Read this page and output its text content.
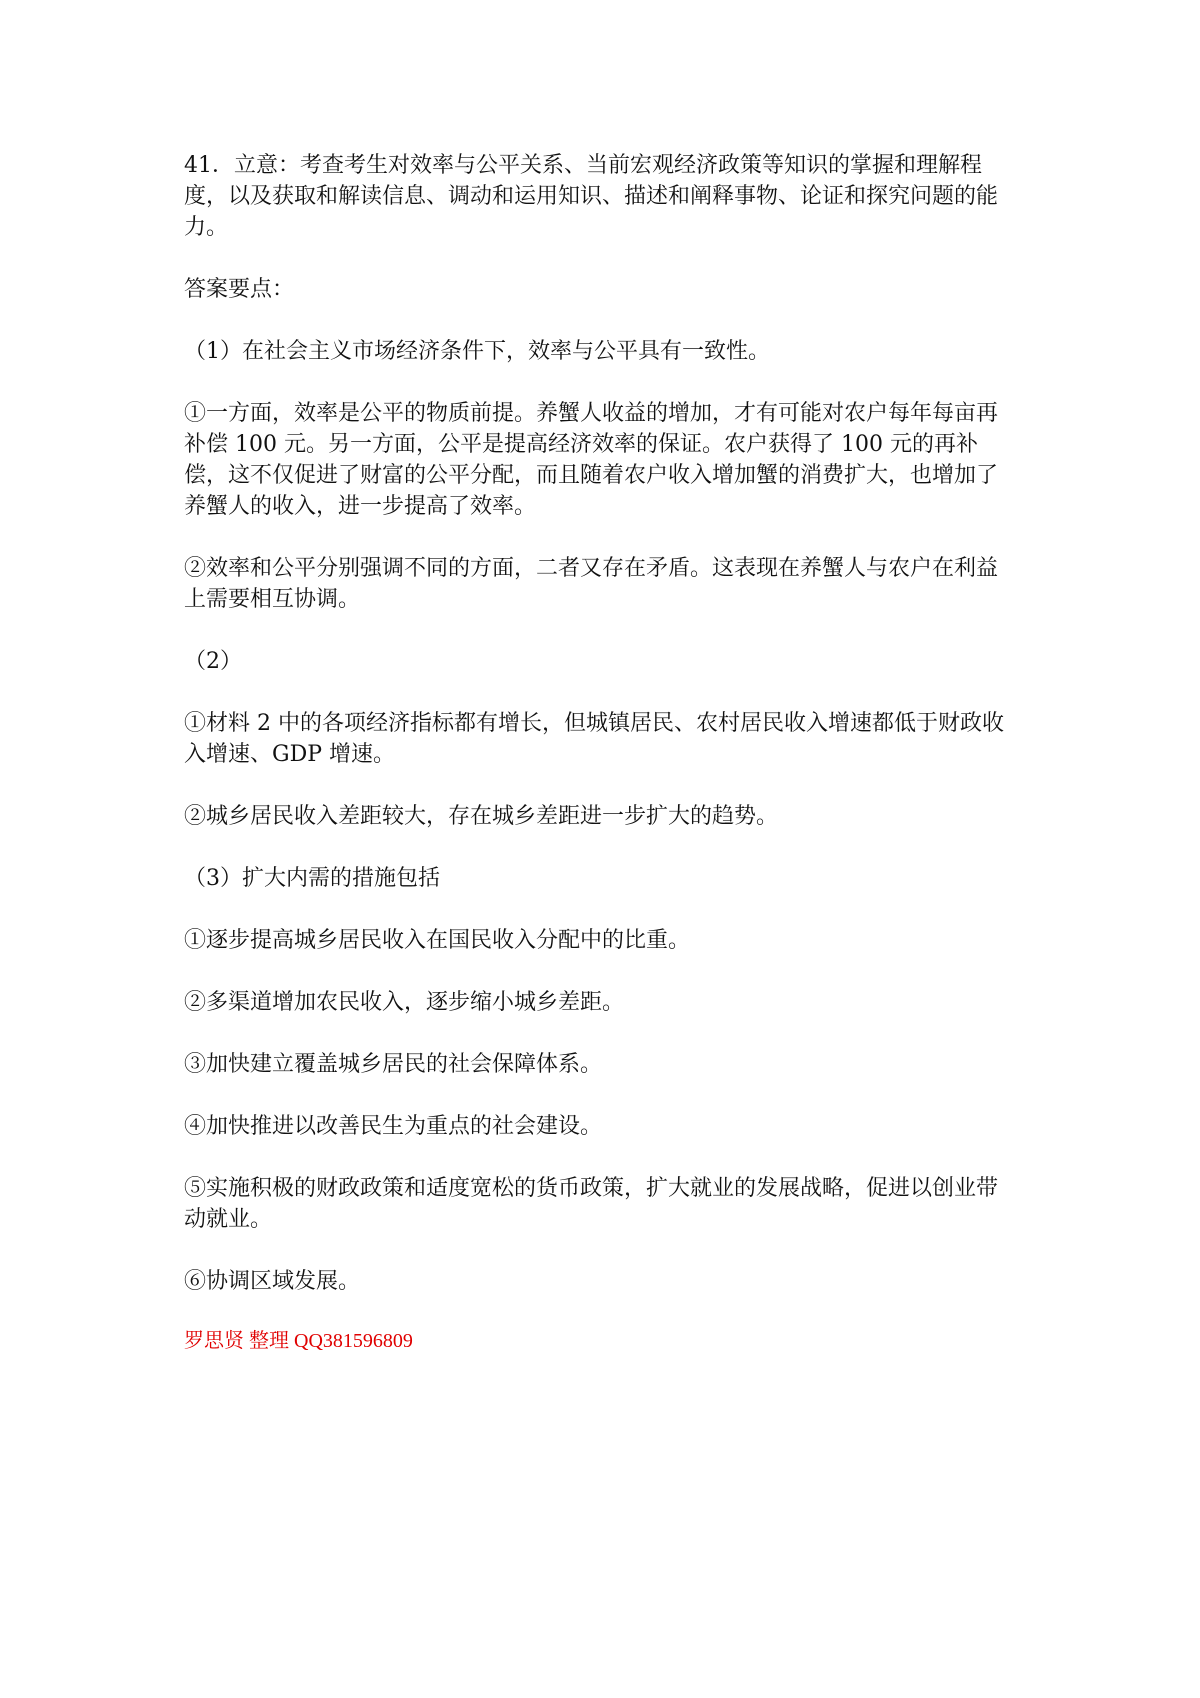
41．立意：考查考生对效率与公平关系、当前宏观经济政策等知识的掌握和理解程度，以及获取和解读信息、调动和运用知识、描述和阐释事物、论证和探究问题的能力。

答案要点：

（1）在社会主义市场经济条件下，效率与公平具有一致性。

①一方面，效率是公平的物质前提。养蟹人收益的增加，才有可能对农户每年每亩再补偿 100 元。另一方面，公平是提高经济效率的保证。农户获得了 100 元的再补偿，这不仅促进了财富的公平分配，而且随着农户收入增加蟹的消费扩大，也增加了养蟹人的收入，进一步提高了效率。

②效率和公平分别强调不同的方面，二者又存在矛盾。这表现在养蟹人与农户在利益上需要相互协调。

（2）

①材料 2 中的各项经济指标都有增长，但城镇居民、农村居民收入增速都低于财政收入增速、GDP 增速。

②城乡居民收入差距较大，存在城乡差距进一步扩大的趋势。

（3）扩大内需的措施包括

①逐步提高城乡居民收入在国民收入分配中的比重。

②多渠道增加农民收入，逐步缩小城乡差距。

③加快建立覆盖城乡居民的社会保障体系。

④加快推进以改善民生为重点的社会建设。

⑤实施积极的财政政策和适度宽松的货币政策，扩大就业的发展战略，促进以创业带动就业。

⑥协调区域发展。

罗思贤 整理 QQ381596809
